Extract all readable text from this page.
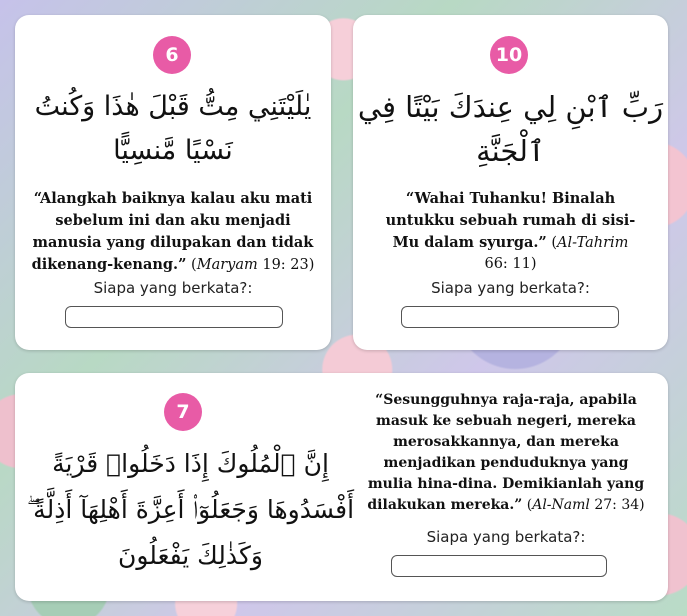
6
يٰلَيْتَنِي مِتُّ قَبْلَ هٰذَا وَكُنتُ
نَسْيًا مَّنسِيًّا
“Alangkah baiknya kalau aku mati sebelum ini dan aku menjadi manusia yang dilupakan dan tidak dikenang-kenang.” (Maryam 19: 23)
Siapa yang berkata?:
10
رَبِّ ٱبْنِ لِي عِندَكَ بَيْتًا فِي
ٱلْجَنَّةِ
“Wahai Tuhanku! Binalah untukku sebuah rumah di sisi-Mu dalam syurga.” (Al-Tahrim 66: 11)
Siapa yang berkata?:
7
إِنَّ ٱلْمُلُوكَ إِذَا دَخَلُوا۟ قَرْيَةً
أَفْسَدُوهَا وَجَعَلُوٓا۟ أَعِزَّةَ أَهْلِهَآ أَذِلَّةً ۖ
وَكَذٰلِكَ يَفْعَلُونَ
“Sesungguhnya raja-raja, apabila masuk ke sebuah negeri, mereka merosakkannya, dan mereka menjadikan penduduknya yang mulia hina-dina. Demikianlah yang dilakukan mereka.” (Al-Naml 27: 34)
Siapa yang berkata?:
